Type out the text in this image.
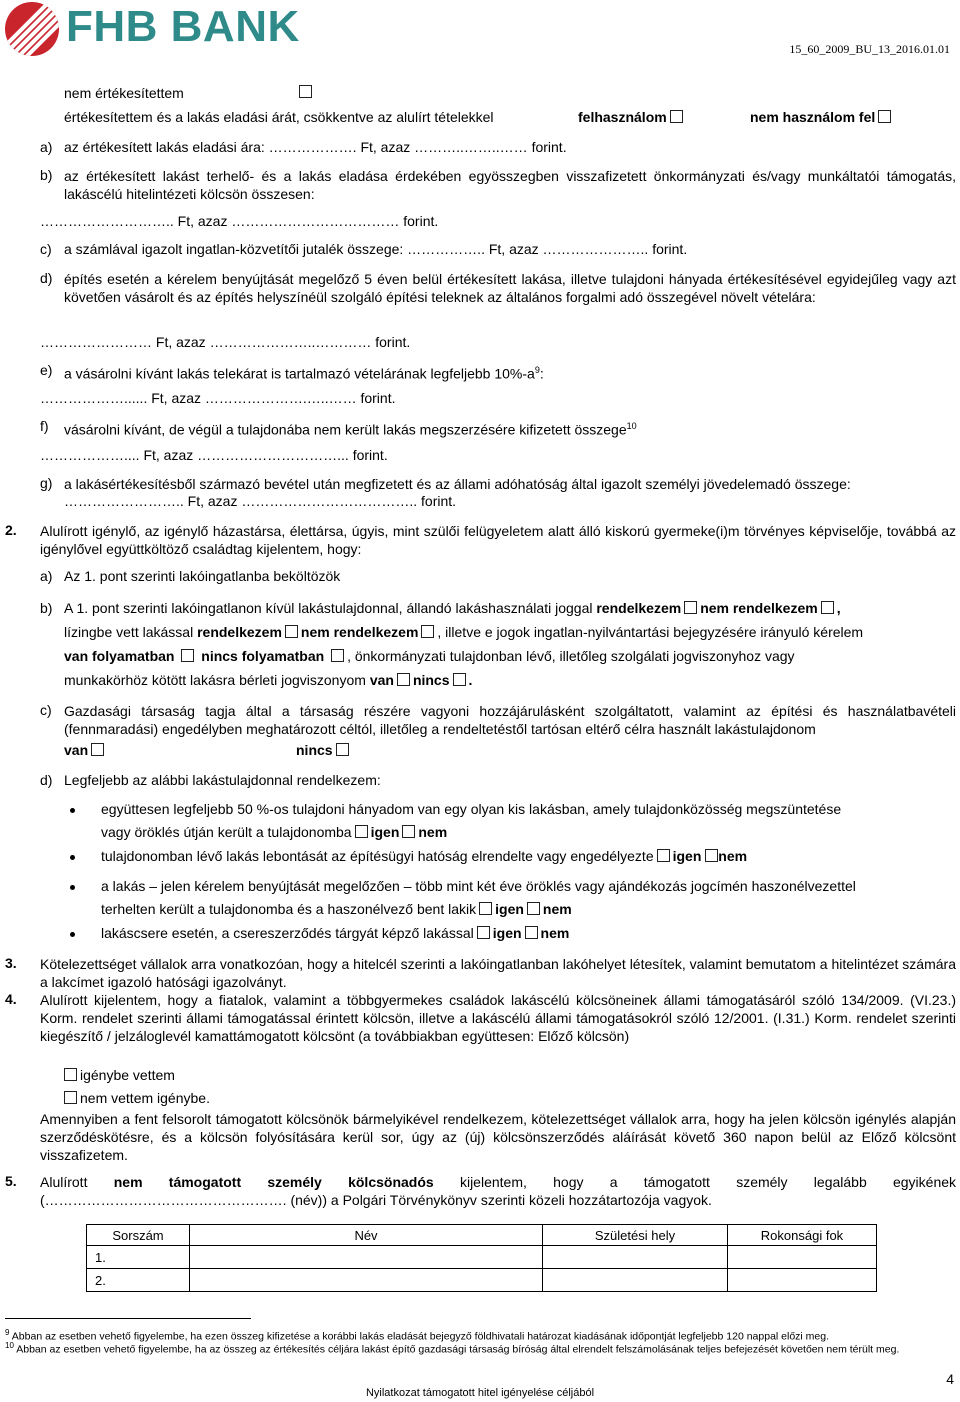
FHB BANK	15_60_2009_BU_13_2016.01.01
nem értékesítettem
értékesítettem és a lakás eladási árát, csökkentve az alulírt tételekkel	felhasználom	nem használom fel
a) az értékesített lakás eladási ára: ………………. Ft, azaz ………..……..…… forint.
b) az értékesített lakást terhelő- és a lakás eladása érdekében egyösszegben visszafizetett önkormányzati és/vagy munkáltatói támogatás, lakáscélú hitelintézeti kölcsön összesen:
……………………….. Ft, azaz ……………………………… forint.
c) a számlával igazolt ingatlan-közvetítői jutalék összege: …………….. Ft, azaz ………………….. forint.
d) építés esetén a kérelem benyújtását megelőző 5 éven belül értékesített lakása, illetve tulajdoni hányada értékesítésével egyidejűleg vagy azt követően vásárolt és az építés helyszínéül szolgáló építési teleknek az általános forgalmi adó összegével növelt vételára:
…………………… Ft, azaz …………………..………… forint.
e) a vásárolni kívánt lakás telekárat is tartalmazó vételárának legfeljebb $10\%-a^9$:
………………...... Ft, azaz ………………….…..…… forint.
f) vásárolni kívánt, de végül a tulajdonába nem került lakás megszerzésére kifizetett összege$^{10}$
……………….... Ft, azaz …………………………... forint.
g) a lakásértékesítésből származó bevétel után megfizetett és az állami adóhatóság által igazolt személyi jövedelemadó összege:
…………………….. Ft, azaz ……………………………….. forint.
2. Alulírott igénylő, az igénylő házastársa, élettársa, úgyis, mint szülői felügyeletem alatt álló kiskorú gyermeke(i)m törvényes képviselője, továbbá az igénylővel együttköltöző családtag kijelentem, hogy:
a) Az 1. pont szerinti lakóingatlanba beköltözök
b) A 1. pont szerinti lakóingatlanon kívül lakástulajdonnal, állandó lakáshasználati joggal rendelkezem nem rendelkezem ,
lízingbe vett lakással rendelkezem nem rendelkezem , illetve e jogok ingatlan-nyilvántartási bejegyzésére irányuló kérelem
van folyamatban nincs folyamatban , önkormányzati tulajdonban lévő, illetőleg szolgálati jogviszonyhoz vagy
munkakörhöz kötött lakásra bérleti jogviszonyom van nincs .
c) Gazdasági társaság tagja által a társaság részére vagyoni hozzájárulásként szolgáltatott, valamint az építési és használatbavételi (fennmaradási) engedélyben meghatározott céltól, illetőleg a rendeltetéstől tartósan eltérő célra használt lakástulajdonom
van	nincs
d) Legfeljebb az alábbi lakástulajdonnal rendelkezem:
együttesen legfeljebb 50 %-os tulajdoni hányadom van egy olyan kis lakásban, amely tulajdonközösség megszüntetése
vagy öröklés útján került a tulajdonomba igen nem
tulajdonomban lévő lakás lebontását az építésügyi hatóság elrendelte vagy engedélyezte igen nem
a lakás – jelen kérelem benyújtását megelőzően – több mint két éve öröklés vagy ajándékozás jogcímén haszonélvezettel
terhelten került a tulajdonomba és a haszonélvező bent lakik igen nem
lakáscsere esetén, a csereszerződés tárgyát képző lakással igen nem
3. Kötelezettséget vállalok arra vonatkozóan, hogy a hitelcél szerinti a lakóingatlanban lakóhelyet létesítek, valamint bemutatom a hitelintézet számára a lakcímet igazoló hatósági igazolványt.
4. Alulírott kijelentem, hogy a fiatalok, valamint a többgyermekes családok lakáscélú kölcsöneinek állami támogatásáról szóló 134/2009. (VI.23.) Korm. rendelet szerinti állami támogatással érintett kölcsön, illetve a lakáscélú állami támogatásokról szóló 12/2001. (I.31.) Korm. rendelet szerinti kiegészítő / jelzáloglevél kamattámogatott kölcsönt (a továbbiakban együttesen: Előző kölcsön)
igénybe vettem
nem vettem igénybe.
Amennyiben a fent felsorolt támogatott kölcsönök bármelyikével rendelkezem, kötelezettséget vállalok arra, hogy ha jelen kölcsön igénylés alapján szerződéskötésre, és a kölcsön folyósítására kerül sor, úgy az (új) kölcsönszerződés aláírását követő 360 napon belül az Előző kölcsönt visszafizetem.
5. Alulírott nem támogatott személy kölcsönadós kijelentem, hogy a támogatott személy legalább egyikének
(……………………………………………. (név)) a Polgári Törvénykönyv szerinti közeli hozzátartozója vagyok.
Sorszám	Név	Születési hely	Rokonsági fok
1.			
2.			
$^9$ Abban az esetben vehető figyelembe, ha ezen összeg kifizetése a korábbi lakás eladását bejegyző földhivatali határozat kiadásának időpontját legfeljebb 120 nappal előzi meg.
$^{10}$ Abban az esetben vehető figyelembe, ha az összeg az értékesítés céljára lakást építő gazdasági társaság bíróság által elrendelt felszámolásának teljes befejezését követően nem térült meg.
4
Nyilatkozat támogatott hitel igényelése céljából
